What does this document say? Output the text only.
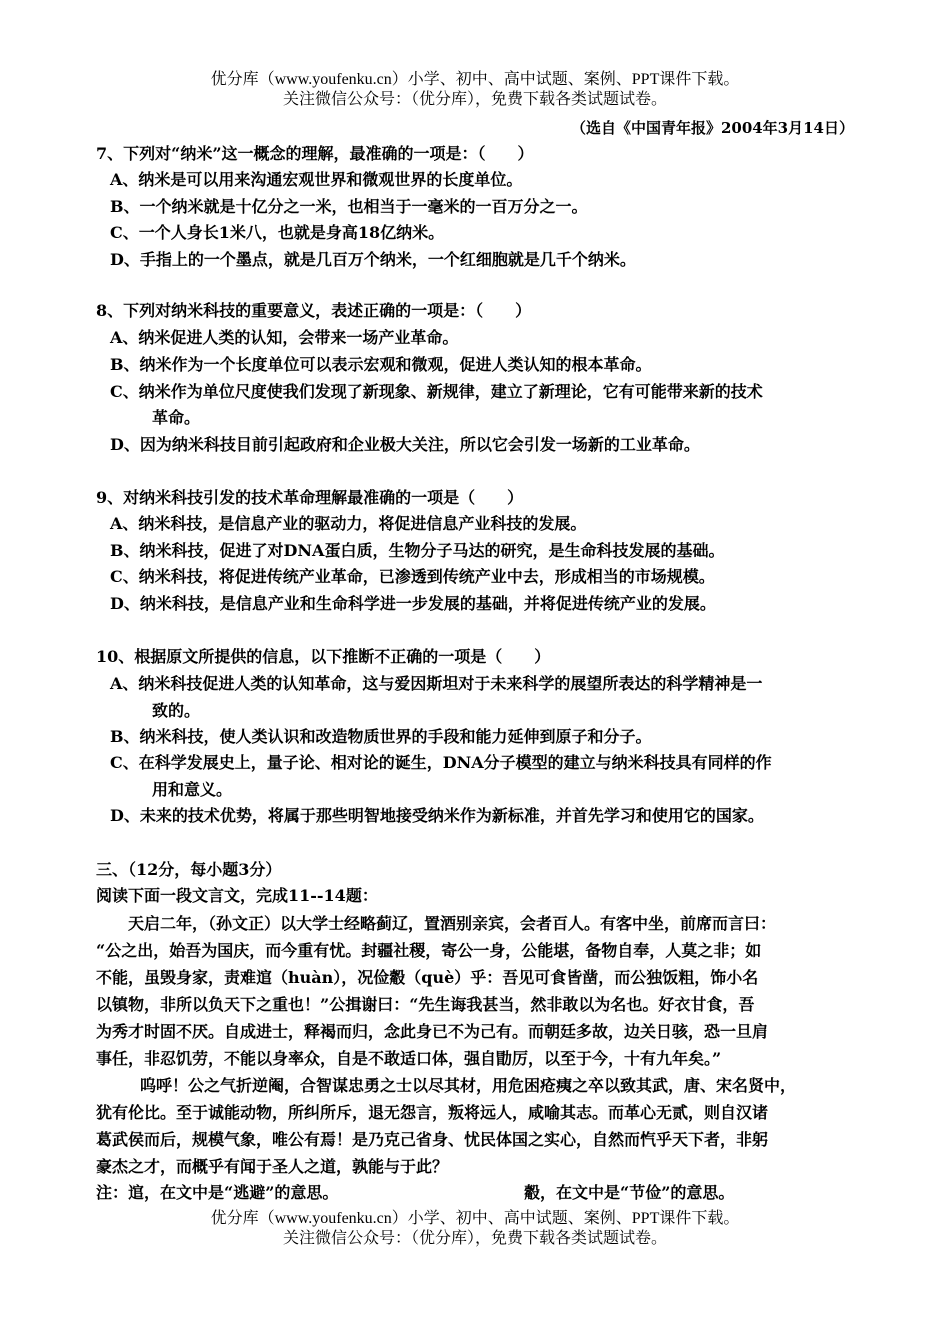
优分库（www.youfenku.cn）小学、初中、高中试题、案例、PPT课件下载。
关注微信公众号：（优分库），免费下载各类试题试卷。
（选自《中国青年报》2004年3月14日）
7、下列对“纳米”这一概念的理解，最准确的一项是：（　　）
A、纳米是可以用来沟通宏观世界和微观世界的长度单位。
B、一个纳米就是十亿分之一米，也相当于一毫米的一百万分之一。
C、一个人身长1米八，也就是身高18亿纳米。
D、手指上的一个墨点，就是几百万个纳米，一个红细胞就是几千个纳米。
8、下列对纳米科技的重要意义，表述正确的一项是：（　　）
A、纳米促进人类的认知，会带来一场产业革命。
B、纳米作为一个长度单位可以表示宏观和微观，促进人类认知的根本革命。
C、纳米作为单位尺度使我们发现了新现象、新规律，建立了新理论，它有可能带来新的技术
革命。
D、因为纳米科技目前引起政府和企业极大关注，所以它会引发一场新的工业革命。
9、对纳米科技引发的技术革命理解最准确的一项是（　　）
A、纳米科技，是信息产业的驱动力，将促进信息产业科技的发展。
B、纳米科技，促进了对DNA蛋白质，生物分子马达的研究，是生命科技发展的基础。
C、纳米科技，将促进传统产业革命，已渗透到传统产业中去，形成相当的市场规模。
D、纳米科技，是信息产业和生命科学进一步发展的基础，并将促进传统产业的发展。
10、根据原文所提供的信息，以下推断不正确的一项是（　　）
A、纳米科技促进人类的认知革命，这与爱因斯坦对于未来科学的展望所表达的科学精神是一
致的。
B、纳米科技，使人类认识和改造物质世界的手段和能力延伸到原子和分子。
C、在科学发展史上，量子论、相对论的诞生，DNA分子模型的建立与纳米科技具有同样的作
用和意义。
D、未来的技术优势，将属于那些明智地接受纳米作为新标准，并首先学习和使用它的国家。
三、（12分，每小题3分）
阅读下面一段文言文，完成11--14题：
天启二年，（孙文正）以大学士经略蓟辽，置酒别亲宾，会者百人。有客中坐，前席而言曰：
“公之出，始吾为国庆，而今重有忧。封疆社稷，寄公一身，公能堪，备物自奉，人莫之非；如
不能，虽毁身家，责难逭（huàn），况俭觳（què）乎：吾见可食皆凿，而公独饭粗，饰小名
以镇物，非所以负天下之重也！”公揖谢曰：“先生诲我甚当，然非敢以为名也。好衣甘食，吾
为秀才时固不厌。自成进士，释褐而归，念此身已不为己有。而朝廷多故，边关日骇，恐一旦肩
事任，非忍饥劳，不能以身率众，自是不敢适口体，强自勖厉，以至于今，十有九年矣。”
呜呼！公之气折逆阉，合智谋忠勇之士以尽其材，用危困疮痍之卒以致其武，唐、宋名贤中，
犹有伦比。至于诚能动物，所纠所斥，退无怨言，叛将远人，咸喻其志。而革心无贰，则自汉诸
葛武侯而后，规模气象，唯公有焉！是乃克己省身、忧民体国之实心，自然而忾乎天下者，非躬
豪杰之才，而概乎有闻于圣人之道，孰能与于此？
注：逭，在文中是“逃避”的意思。	觳，在文中是“节俭”的意思。
优分库（www.youfenku.cn）小学、初中、高中试题、案例、PPT课件下载。
关注微信公众号：（优分库），免费下载各类试题试卷。
